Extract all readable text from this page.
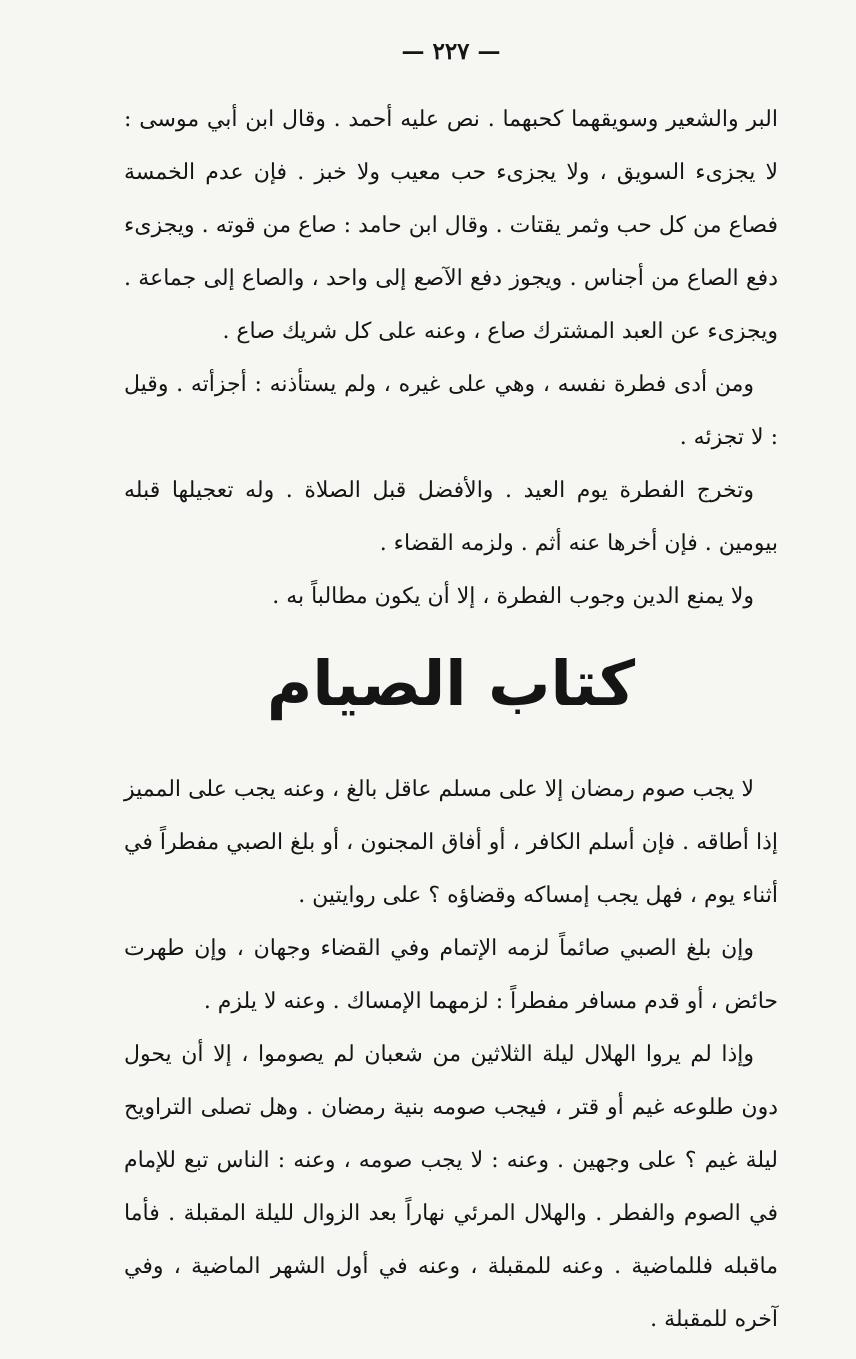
— ٢٢٧ —

البر والشعير وسويقهما كحبهما . نص عليه أحمد . وقال ابن أبي موسى : لا يجزىء السويق ، ولا يجزىء حب معيب ولا خبز . فإن عدم الخمسة فصاع من كل حب وثمر يقتات . وقال ابن حامد : صاع من قوته . ويجزىء دفع الصاع من أجناس . ويجوز دفع الآصع إلى واحد ، والصاع إلى جماعة . ويجزىء عن العبد المشترك صاع ، وعنه على كل شريك صاع .

ومن أدى فطرة نفسه ، وهي على غيره ، ولم يستأذنه : أجزأته . وقيل : لا تجزئه .

وتخرج الفطرة يوم العيد . والأفضل قبل الصلاة . وله تعجيلها قبله بيومين . فإن أخرها عنه أثم . ولزمه القضاء .

ولا يمنع الدين وجوب الفطرة ، إلا أن يكون مطالباً به .

كتاب الصيام

لا يجب صوم رمضان إلا على مسلم عاقل بالغ ، وعنه يجب على المميز إذا أطاقه . فإن أسلم الكافر ، أو أفاق المجنون ، أو بلغ الصبي مفطراً في أثناء يوم ، فهل يجب إمساكه وقضاؤه ؟ على روايتين .

وإن بلغ الصبي صائماً لزمه الإتمام وفي القضاء وجهان ، وإن طهرت حائض ، أو قدم مسافر مفطراً : لزمهما الإمساك . وعنه لا يلزم .

وإذا لم يروا الهلال ليلة الثلاثين من شعبان لم يصوموا ، إلا أن يحول دون طلوعه غيم أو قتر ، فيجب صومه بنية رمضان . وهل تصلى التراويح ليلة غيم ؟ على وجهين . وعنه : لا يجب صومه ، وعنه : الناس تبع للإمام في الصوم والفطر . والهلال المرئي نهاراً بعد الزوال لليلة المقبلة . فأما ماقبله فللماضية . وعنه للمقبلة ، وعنه في أول الشهر الماضية ، وفي آخره للمقبلة .
